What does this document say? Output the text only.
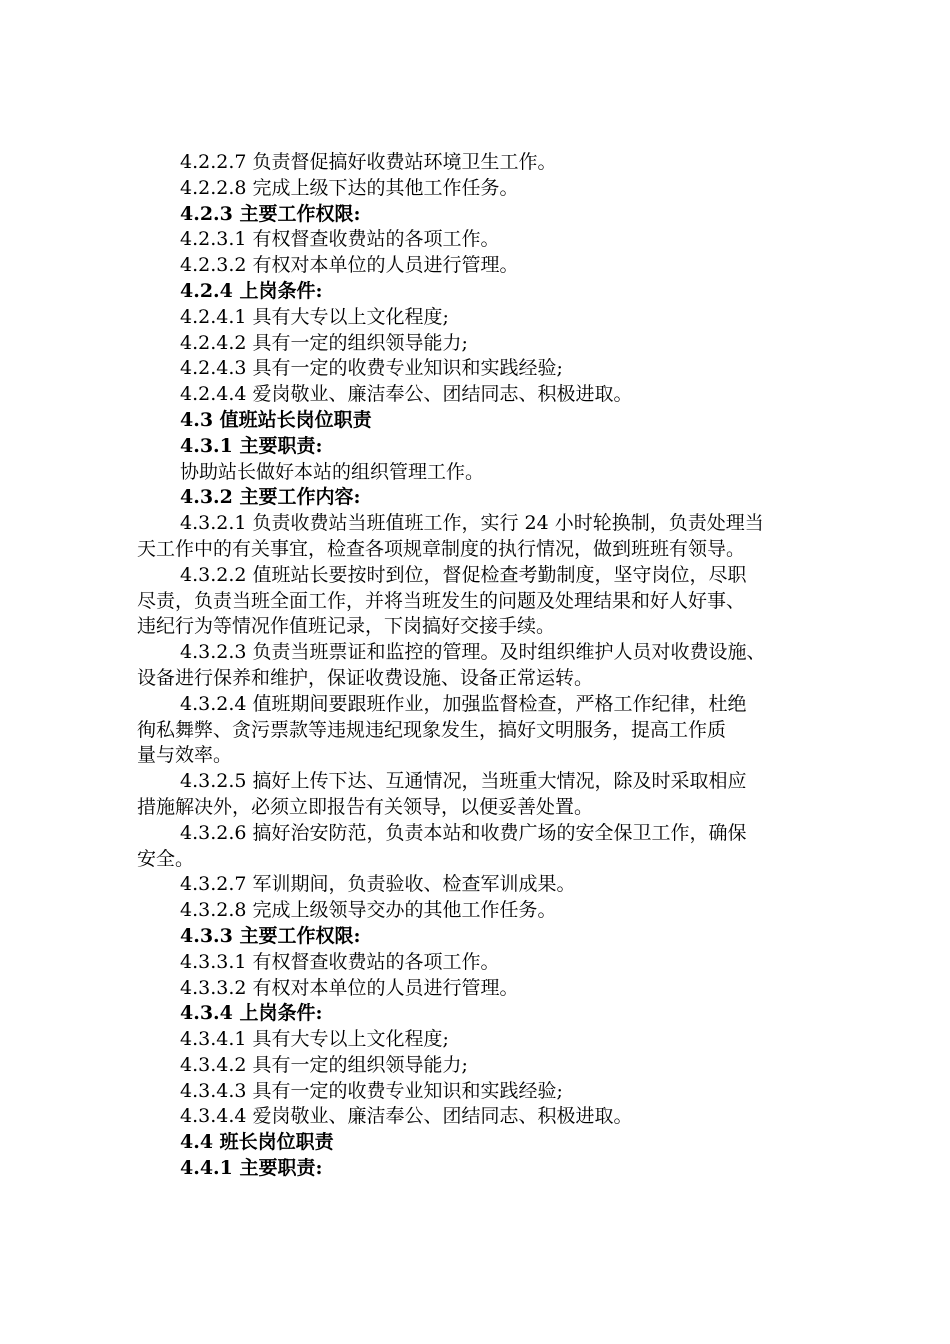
4.2.2.7 负责督促搞好收费站环境卫生工作。

4.2.2.8 完成上级下达的其他工作任务。

4.2.3 主要工作权限:

4.2.3.1 有权督查收费站的各项工作。

4.2.3.2 有权对本单位的人员进行管理。

4.2.4 上岗条件:

4.2.4.1 具有大专以上文化程度;

4.2.4.2 具有一定的组织领导能力;

4.2.4.3 具有一定的收费专业知识和实践经验;

4.2.4.4 爱岗敬业、廉洁奉公、团结同志、积极进取。

4.3 值班站长岗位职责

4.3.1 主要职责:

协助站长做好本站的组织管理工作。

4.3.2 主要工作内容:

4.3.2.1 负责收费站当班值班工作，实行 24 小时轮换制，负责处理当

天工作中的有关事宜，检查各项规章制度的执行情况，做到班班有领导。

4.3.2.2 值班站长要按时到位，督促检查考勤制度，坚守岗位，尽职

尽责，负责当班全面工作，并将当班发生的问题及处理结果和好人好事、

违纪行为等情况作值班记录，下岗搞好交接手续。

4.3.2.3 负责当班票证和监控的管理。及时组织维护人员对收费设施、

设备进行保养和维护，保证收费设施、设备正常运转。

4.3.2.4 值班期间要跟班作业，加强监督检查，严格工作纪律，杜绝

徇私舞弊、贪污票款等违规违纪现象发生，搞好文明服务，提高工作质

量与效率。

4.3.2.5 搞好上传下达、互通情况，当班重大情况，除及时采取相应

措施解决外，必须立即报告有关领导，以便妥善处置。

4.3.2.6 搞好治安防范，负责本站和收费广场的安全保卫工作，确保

安全。

4.3.2.7 军训期间，负责验收、检查军训成果。

4.3.2.8 完成上级领导交办的其他工作任务。

4.3.3 主要工作权限:

4.3.3.1 有权督查收费站的各项工作。

4.3.3.2 有权对本单位的人员进行管理。

4.3.4 上岗条件:

4.3.4.1 具有大专以上文化程度;

4.3.4.2 具有一定的组织领导能力;

4.3.4.3 具有一定的收费专业知识和实践经验;

4.3.4.4 爱岗敬业、廉洁奉公、团结同志、积极进取。

4.4 班长岗位职责

4.4.1 主要职责:
